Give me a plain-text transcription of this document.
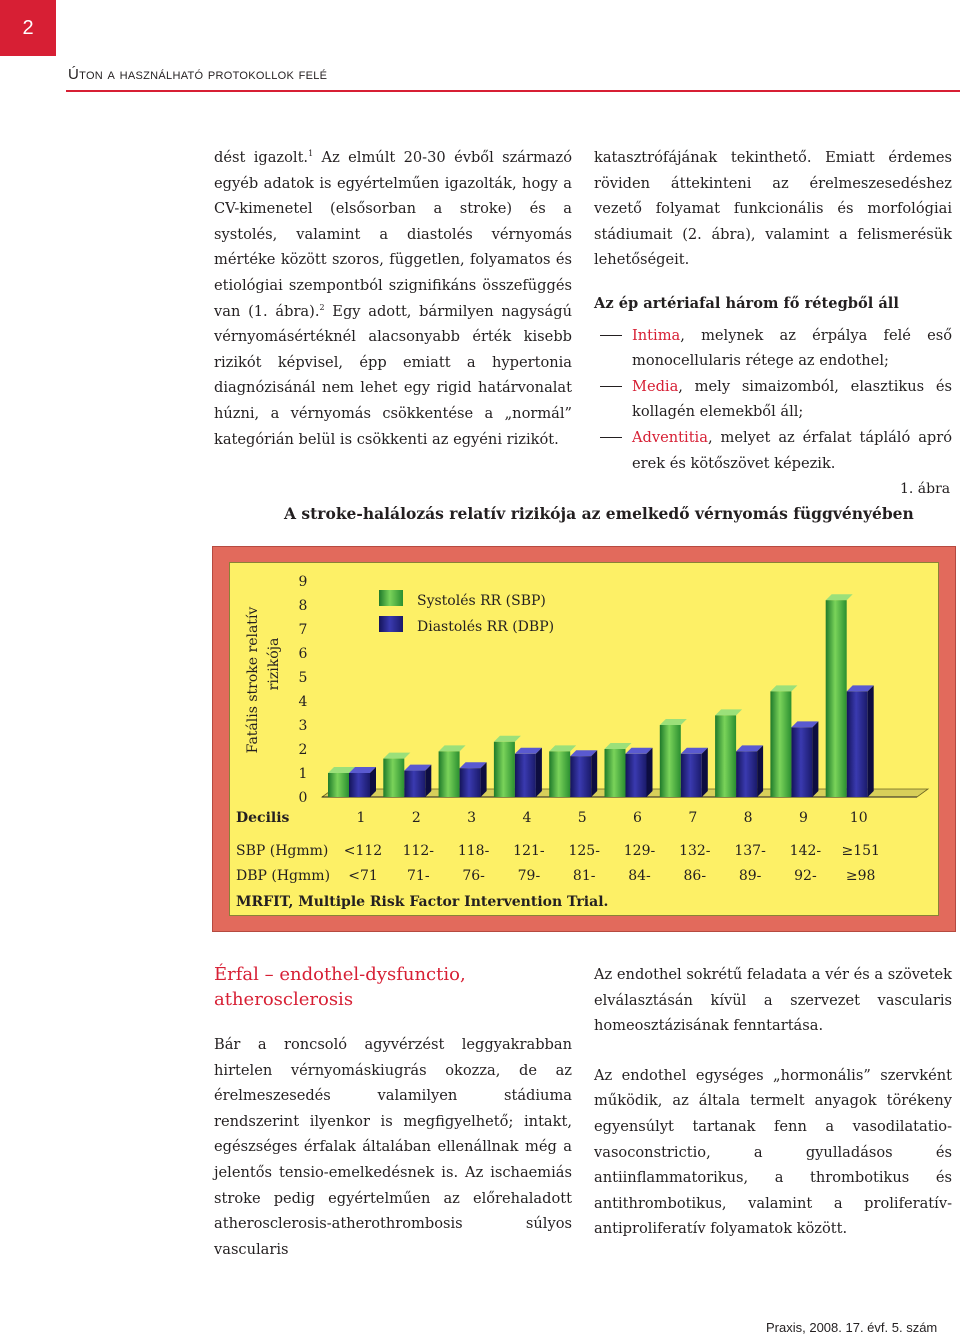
2
Úton a használható protokollok felé

dést igazolt.$^1$ Az elmúlt 20-30 évből származó egyéb adatok is egyértelműen igazolták, hogy a CV-kimenetel (elsősorban a stroke) és a systolés, valamint a diastolés vérnyomás mértéke között szoros, független, folyamatos és etiológiai szempontból szignifikáns összefüggés van (1. ábra).$^2$ Egy adott, bármilyen nagyságú vérnyomásértéknél alacsonyabb érték kisebb rizikót képvisel, épp emiatt a hypertonia diagnózisánál nem lehet egy rigid határvonalat húzni, a vérnyomás csökkentése a „normál” kategórián belül is csökkenti az egyéni rizikót.

katasztrófájának tekinthető. Emiatt érdemes röviden áttekinteni az érelmeszesedéshez vezető folyamat funkcionális és morfológiai stádiumait (2. ábra), valamint a felismerésük lehetőségeit.

Az ép artériafal három fő rétegből áll

Intima, melynek az érpálya felé eső monocellularis rétege az endothel;
Media, mely simaizomból, elasztikus és kollagén elemekből áll;
Adventitia, melyet az érfalat tápláló apró erek és kötőszövet képezik.
1. ábra
A stroke-halálozás relatív rizikója az emelkedő vérnyomás függvényében
0
1
2
3
4
5
6
7
8
9
Fatális stroke relatív rizikója
1
<112
<71
2
112-
71-
3
118-
76-
4
121-
79-
5
125-
81-
6
129-
84-
7
132-
86-
8
137-
89-
9
142-
92-
10
≥151
≥98
Decilis
SBP (Hgmm)
DBP (Hgmm)
MRFIT, Multiple Risk Factor Intervention Trial.
Systolés RR (SBP)
Diastolés RR (DBP)
Érfal – endothel-dysfunctio,
atherosclerosis

Bár a roncsoló agyvérzést leggyakrabban hirtelen vérnyomáskiugrás okozza, de az érelmeszesedés valamilyen stádiuma rendszerint ilyenkor is megfigyelhető; intakt, egészséges érfalak általában ellenállnak még a jelentős tensio-emelkedésnek is. Az ischaemiás stroke pedig egyértelműen az előrehaladott atherosclerosis-atherothrombosis súlyos vascularis

Az endothel sokrétű feladata a vér és a szövetek elválasztásán kívül a szervezet vascularis homeosztázisának fenntartása.

Az endothel egységes „hormonális” szervként működik, az általa termelt anyagok törékeny egyensúlyt tartanak fenn a vasodilatatio-vasoconstrictio, a gyulladásos és antiinflammatorikus, a thrombotikus és antithrombotikus, valamint a proliferatív-antiproliferatív folyamatok között.

Praxis, 2008. 17. évf. 5. szám
